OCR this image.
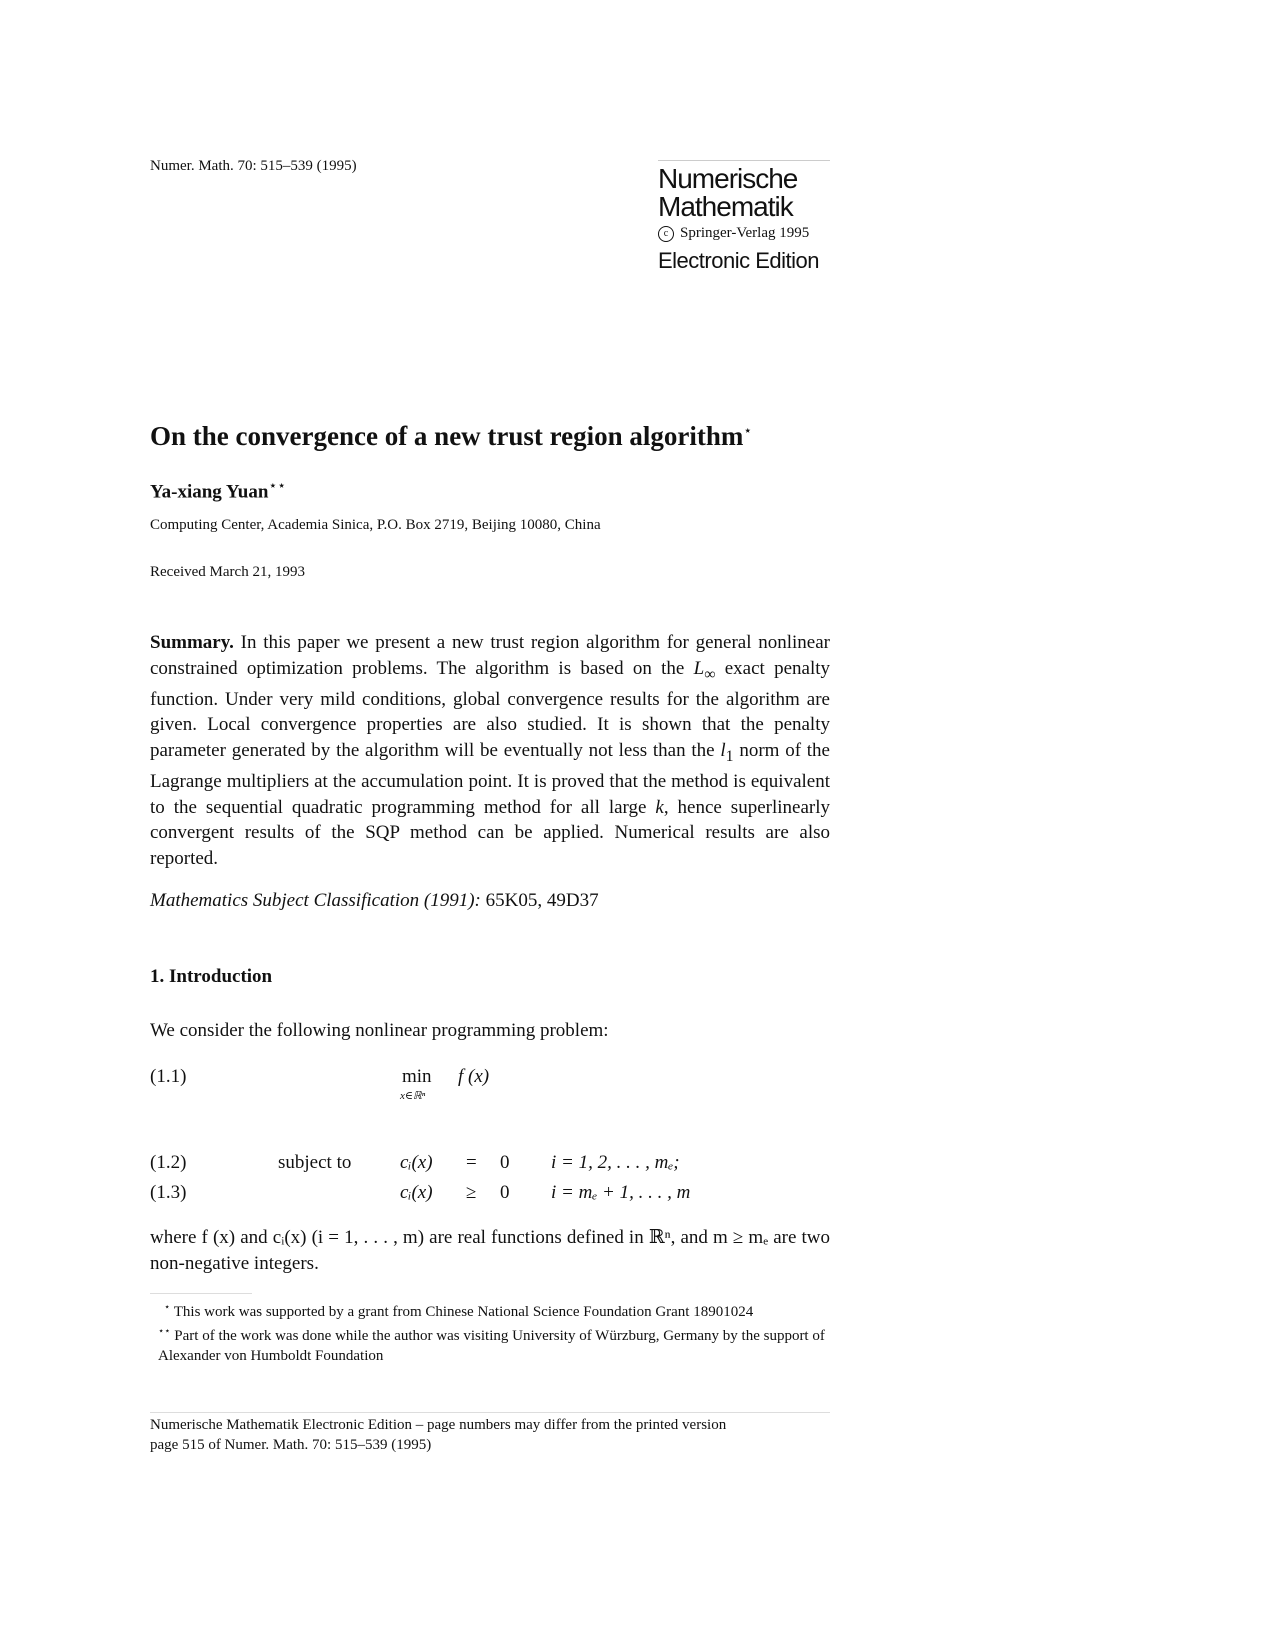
Numer. Math. 70: 515–539 (1995)	Numerische
Mathematik
c Springer-Verlag 1995
Electronic Edition
On the convergence of a new trust region algorithm⋆
Ya-xiang Yuan⋆⋆
Computing Center, Academia Sinica, P.O. Box 2719, Beijing 10080, China
Received March 21, 1993
Summary. In this paper we present a new trust region algorithm for general nonlinear constrained optimization problems. The algorithm is based on the $L_\infty$ exact penalty function. Under very mild conditions, global convergence results for the algorithm are given. Local convergence properties are also studied. It is shown that the penalty parameter generated by the algorithm will be eventually not less than the $l_1$ norm of the Lagrange multipliers at the accumulation point. It is proved that the method is equivalent to the sequential quadratic programming method for all large k, hence superlinearly convergent results of the SQP method can be applied. Numerical results are also reported.
Mathematics Subject Classification (1991): 65K05, 49D37
1. Introduction
We consider the following nonlinear programming problem:
(1.1)	min
x∈ℝⁿ
f (x)
(1.2)	subject to	cᵢ(x) = 0 i = 1, 2, . . . , mₑ;
(1.3)	cᵢ(x) ≥ 0 i = mₑ + 1, . . . , m
where f (x) and cᵢ(x) (i = 1, . . . , m) are real functions defined in ℝⁿ, and m ≥ mₑ are two non-negative integers.
⋆ This work was supported by a grant from Chinese National Science Foundation Grant 18901024
⋆⋆ Part of the work was done while the author was visiting University of Würzburg, Germany by the support of Alexander von Humboldt Foundation
Numerische Mathematik Electronic Edition – page numbers may differ from the printed version
page 515 of Numer. Math. 70: 515–539 (1995)
